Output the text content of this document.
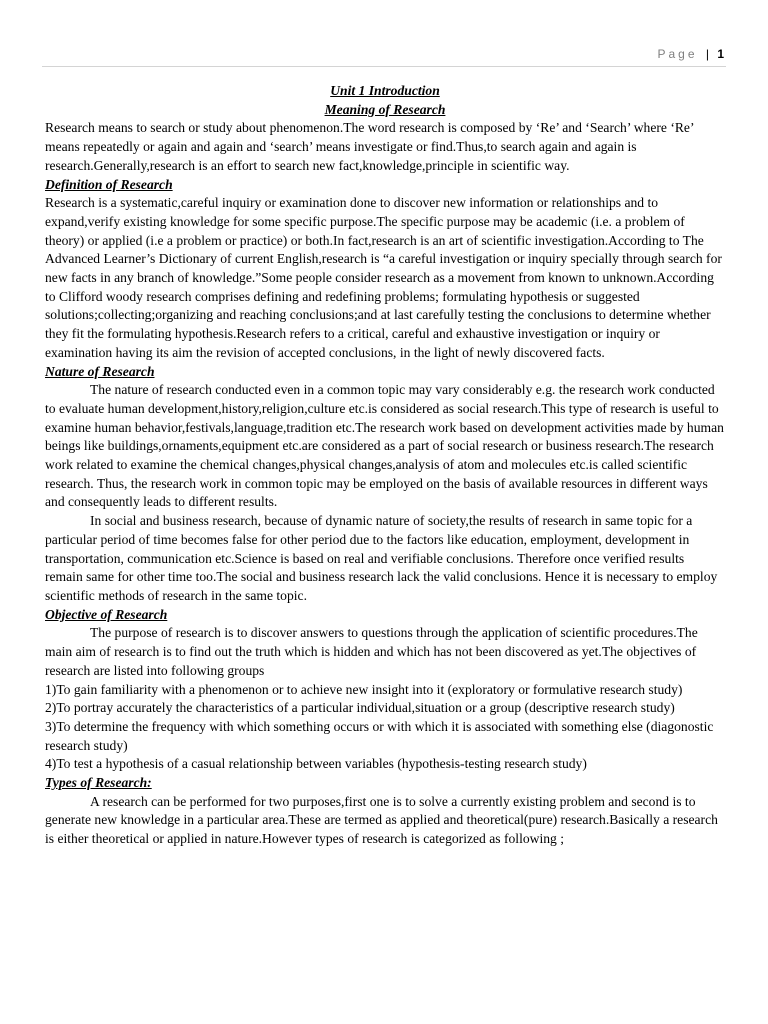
Page | 1
Unit 1 Introduction
Meaning of Research

Research means to search or study about phenomenon.The word research is composed by ‘Re’ and ‘Search’ where ‘Re’ means repeatedly or again and again and ‘search’ means investigate or find.Thus,to search again and again is research.Generally,research is an effort to search new fact,knowledge,principle in scientific way.

Definition of Research

Research is a systematic,careful inquiry or examination done to discover new information or relationships and to expand,verify existing knowledge for some specific purpose.The specific purpose may be academic (i.e. a problem of theory) or applied (i.e a problem or practice) or both.In fact,research is an art of scientific investigation.According to The Advanced Learner’s Dictionary of current English,research is “a careful investigation or inquiry specially through search for new facts in any branch of knowledge.”Some people consider research as a movement from known to unknown.According to Clifford woody research comprises defining and redefining problems; formulating hypothesis or suggested solutions;collecting;organizing and reaching conclusions;and at last carefully testing the conclusions to determine whether they fit the formulating hypothesis.Research refers to a critical, careful and exhaustive investigation or inquiry or examination having its aim the revision of accepted conclusions, in the light of newly discovered facts.

Nature of Research

The nature of research conducted even in a common topic may vary considerably e.g. the research work conducted to evaluate human development,history,religion,culture etc.is considered as social research.This type of research is useful to examine human behavior,festivals,language,tradition etc.The research work based on development activities made by human beings like buildings,ornaments,equipment etc.are considered as a part of social research or business research.The research work related to examine the chemical changes,physical changes,analysis of atom and molecules etc.is called scientific research. Thus, the research work in common topic may be employed on the basis of available resources in different ways and consequently leads to different results.

In social and business research, because of dynamic nature of society,the results of research in same topic for a particular period of time becomes false for other period due to the factors like education, employment, development in transportation, communication etc.Science is based on real and verifiable conclusions. Therefore once verified results remain same for other time too.The social and business research lack the valid conclusions. Hence it is necessary to employ scientific methods of research in the same topic.

Objective of Research

The purpose of research is to discover answers to questions through the application of scientific procedures.The main aim of research is to find out the truth which is hidden and which has not been discovered as yet.The objectives of research are listed into following groups

1)To gain familiarity with a phenomenon or to achieve new insight into it (exploratory or formulative research study)

2)To portray accurately the characteristics of a particular individual,situation or a group (descriptive research study)

3)To determine the frequency with which something occurs or with which it is associated with something else (diagonostic research study)

4)To test a hypothesis of a casual relationship between variables (hypothesis-testing research study)

Types of Research:

A research can be performed for two purposes,first one is to solve a currently existing problem and second is to generate new knowledge in a particular area.These are termed as applied and theoretical(pure) research.Basically a research is either theoretical or applied in nature.However types of research is categorized as following ;
